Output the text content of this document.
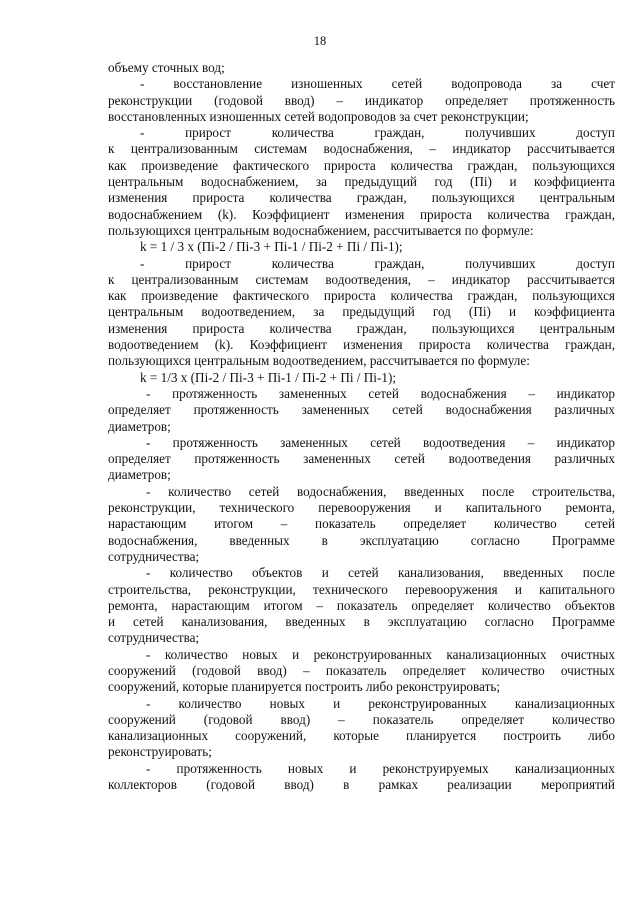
18
объему сточных вод;
- восстановление изношенных сетей водопровода за счет
реконструкции (годовой ввод) – индикатор определяет протяженность
восстановленных изношенных сетей водопроводов за счет реконструкции;
- прирост количества граждан, получивших доступ
к централизованным системам водоснабжения, – индикатор рассчитывается
как произведение фактического прироста количества граждан, пользующихся
центральным водоснабжением, за предыдущий год (Пi) и коэффициента
изменения прироста количества граждан, пользующихся центральным
водоснабжением (k). Коэффициент изменения прироста количества граждан,
пользующихся центральным водоснабжением, рассчитывается по формуле:
k = 1 / 3 x (Пi-2 / Пi-3 + Пi-1 / Пi-2 + Пi / Пi-1);
- прирост количества граждан, получивших доступ
к централизованным системам водоотведения, – индикатор рассчитывается
как произведение фактического прироста количества граждан, пользующихся
центральным водоотведением, за предыдущий год (Пi) и коэффициента
изменения прироста количества граждан, пользующихся центральным
водоотведением (k). Коэффициент изменения прироста количества граждан,
пользующихся центральным водоотведением, рассчитывается по формуле:
k = 1/3 x (Пi-2 / Пi-3 + Пi-1 / Пi-2 + Пi / Пi-1);
- протяженность замененных сетей водоснабжения – индикатор
определяет протяженность замененных сетей водоснабжения различных
диаметров;
- протяженность замененных сетей водоотведения – индикатор
определяет протяженность замененных сетей водоотведения различных
диаметров;
- количество сетей водоснабжения, введенных после строительства,
реконструкции, технического перевооружения и капитального ремонта,
нарастающим итогом – показатель определяет количество сетей
водоснабжения, введенных в эксплуатацию согласно Программе
сотрудничества;
- количество объектов и сетей канализования, введенных после
строительства, реконструкции, технического перевооружения и капитального
ремонта, нарастающим итогом – показатель определяет количество объектов
и сетей канализования, введенных в эксплуатацию согласно Программе
сотрудничества;
- количество новых и реконструированных канализационных очистных
сооружений (годовой ввод) – показатель определяет количество очистных
сооружений, которые планируется построить либо реконструировать;
- количество новых и реконструированных канализационных
сооружений (годовой ввод) – показатель определяет количество
канализационных сооружений, которые планируется построить либо
реконструировать;
- протяженность новых и реконструируемых канализационных
коллекторов (годовой ввод) в рамках реализации мероприятий
